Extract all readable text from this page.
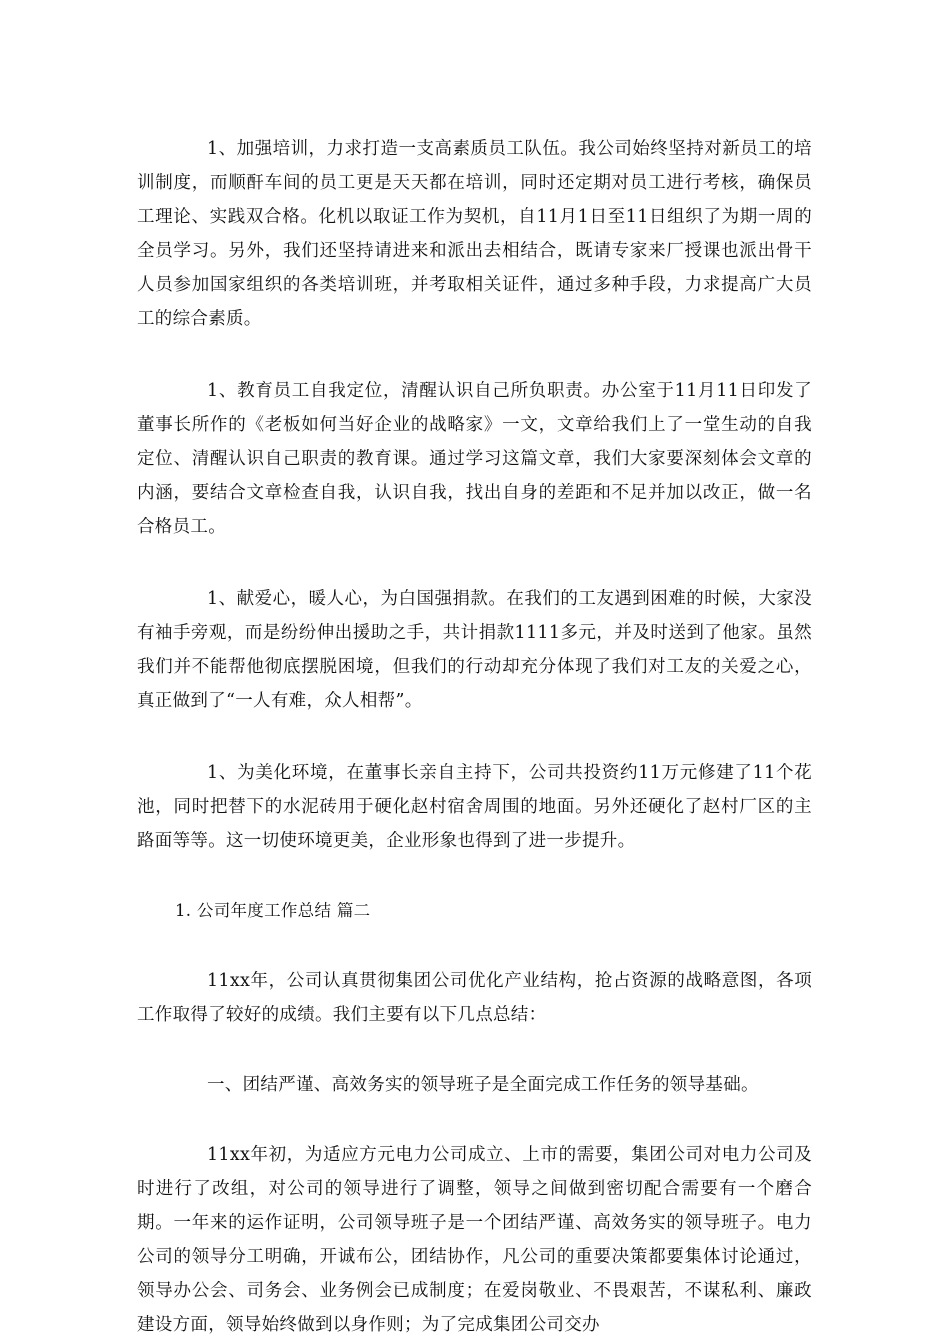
1、加强培训，力求打造一支高素质员工队伍。我公司始终坚持对新员工的培训制度，而顺酐车间的员工更是天天都在培训，同时还定期对员工进行考核，确保员工理论、实践双合格。化机以取证工作为契机，自11月1日至11日组织了为期一周的全员学习。另外，我们还坚持请进来和派出去相结合，既请专家来厂授课也派出骨干人员参加国家组织的各类培训班，并考取相关证件，通过多种手段，力求提高广大员工的综合素质。

1、教育员工自我定位，清醒认识自己所负职责。办公室于11月11日印发了董事长所作的《老板如何当好企业的战略家》一文，文章给我们上了一堂生动的自我定位、清醒认识自己职责的教育课。通过学习这篇文章，我们大家要深刻体会文章的内涵，要结合文章检查自我，认识自我，找出自身的差距和不足并加以改正，做一名合格员工。

1、献爱心，暖人心，为白国强捐款。在我们的工友遇到困难的时候，大家没有袖手旁观，而是纷纷伸出援助之手，共计捐款1111多元，并及时送到了他家。虽然我们并不能帮他彻底摆脱困境，但我们的行动却充分体现了我们对工友的关爱之心，真正做到了“一人有难，众人相帮”。

1、为美化环境，在董事长亲自主持下，公司共投资约11万元修建了11个花池，同时把替下的水泥砖用于硬化赵村宿舍周围的地面。另外还硬化了赵村厂区的主路面等等。这一切使环境更美，企业形象也得到了进一步提升。

1. 公司年度工作总结 篇二

11xx年，公司认真贯彻集团公司优化产业结构，抢占资源的战略意图，各项工作取得了较好的成绩。我们主要有以下几点总结：

一、团结严谨、高效务实的领导班子是全面完成工作任务的领导基础。

11xx年初，为适应方元电力公司成立、上市的需要，集团公司对电力公司及时进行了改组，对公司的领导进行了调整，领导之间做到密切配合需要有一个磨合期。一年来的运作证明，公司领导班子是一个团结严谨、高效务实的领导班子。电力公司的领导分工明确，开诚布公，团结协作，凡公司的重要决策都要集体讨论通过，领导办公会、司务会、业务例会已成制度；在爱岗敬业、不畏艰苦，不谋私利、廉政建设方面，领导始终做到以身作则；为了完成集团公司交办
